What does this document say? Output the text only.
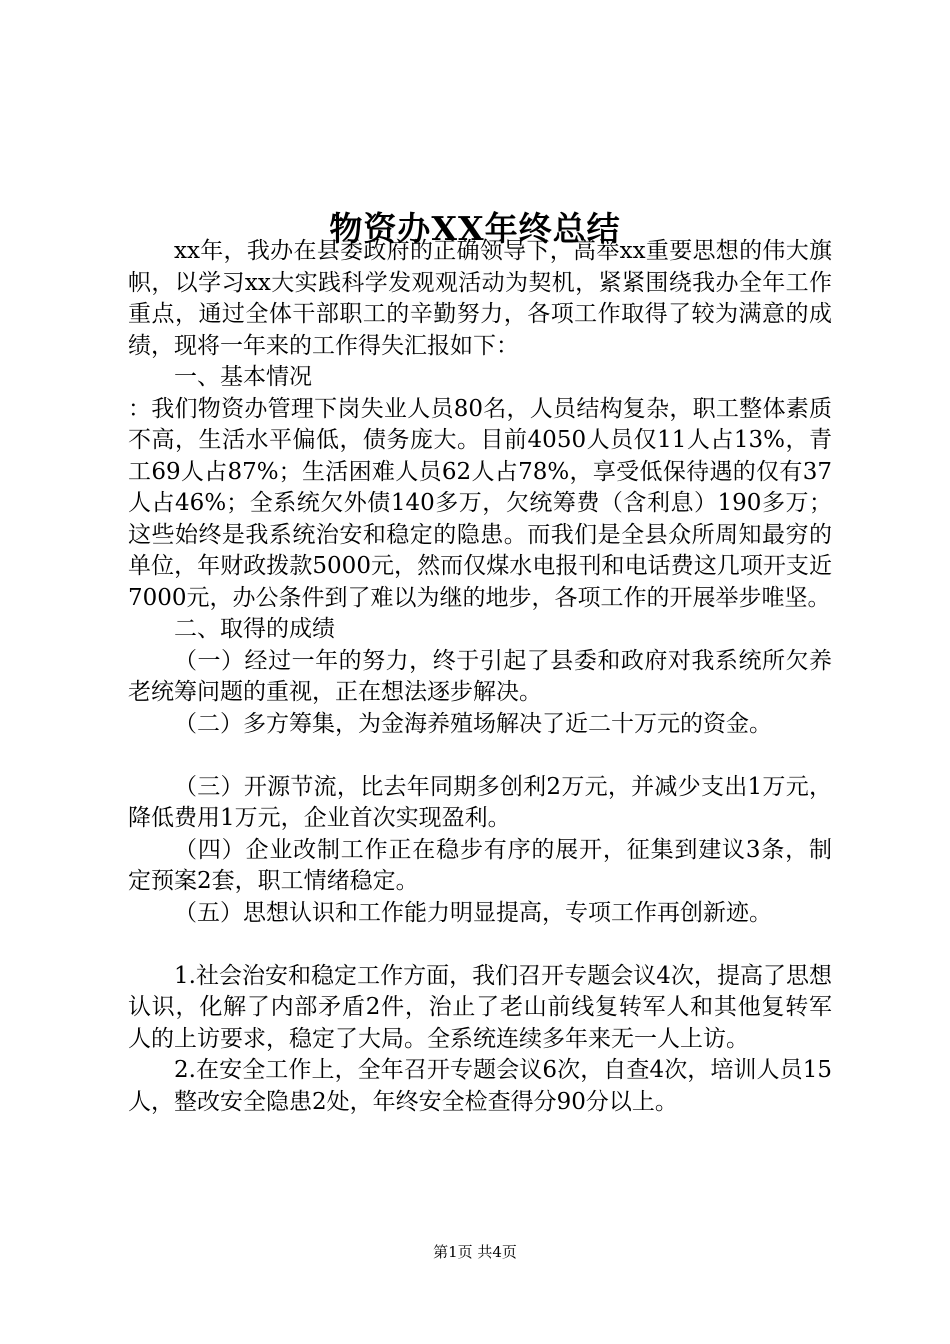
物资办XX年终总结

xx年，我办在县委政府的正确领导下，高举xx重要思想的伟大旗帜，以学习xx大实践科学发观观活动为契机，紧紧围绕我办全年工作重点，通过全体干部职工的辛勤努力，各项工作取得了较为满意的成绩，现将一年来的工作得失汇报如下：

一、基本情况

：我们物资办管理下岗失业人员80名，人员结构复杂，职工整体素质不高，生活水平偏低，债务庞大。目前4050人员仅11人占13%，青工69人占87%；生活困难人员62人占78%，享受低保待遇的仅有37人占46%；全系统欠外债140多万，欠统筹费（含利息）190多万；这些始终是我系统治安和稳定的隐患。而我们是全县众所周知最穷的单位，年财政拨款5000元，然而仅煤水电报刊和电话费这几项开支近7000元，办公条件到了难以为继的地步，各项工作的开展举步唯坚。

二、取得的成绩

（一）经过一年的努力，终于引起了县委和政府对我系统所欠养老统筹问题的重视，正在想法逐步解决。

（二）多方筹集，为金海养殖场解决了近二十万元的资金。

（三）开源节流，比去年同期多创利2万元，并减少支出1万元，降低费用1万元，企业首次实现盈利。

（四）企业改制工作正在稳步有序的展开，征集到建议3条，制定预案2套，职工情绪稳定。

（五）思想认识和工作能力明显提高，专项工作再创新迹。

1.社会治安和稳定工作方面，我们召开专题会议4次，提高了思想认识，化解了内部矛盾2件，治止了老山前线复转军人和其他复转军人的上访要求，稳定了大局。全系统连续多年来无一人上访。

2.在安全工作上，全年召开专题会议6次，自查4次，培训人员15人，整改安全隐患2处，年终安全检查得分90分以上。

第1页 共4页
